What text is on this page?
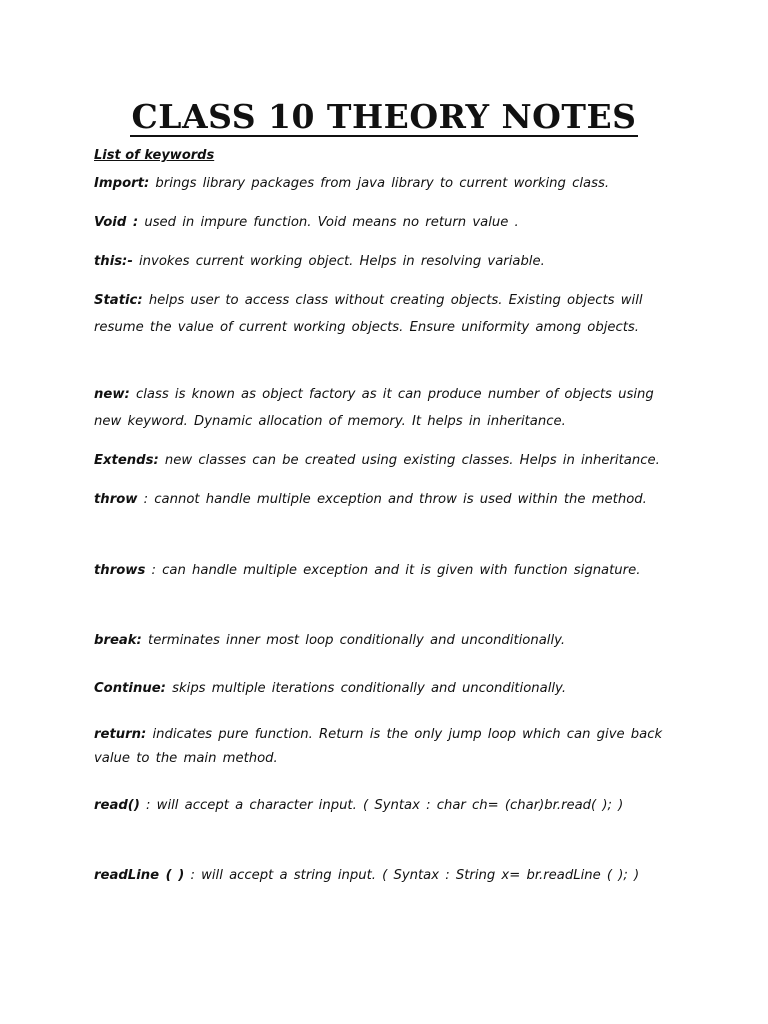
CLASS 10 THEORY NOTES
List of keywords
Import: brings library packages from java library to current working class.
Void : used in impure function. Void means no return value .
this:- invokes current working object. Helps in resolving variable.
Static: helps user to access class without creating objects. Existing objects will resume the value of current working objects. Ensure uniformity among objects.
new: class is known as object factory as it can produce number of objects using new keyword. Dynamic allocation of memory. It helps in inheritance.
Extends: new classes can be created using existing classes. Helps in inheritance.
throw : cannot handle multiple exception and throw is used within the method.
throws : can handle multiple exception and it is given with function signature.
break: terminates inner most loop conditionally and unconditionally.
Continue: skips multiple iterations conditionally and unconditionally.
return: indicates pure function. Return is the only jump loop which can give back value to the main method.
read() : will accept a character input. ( Syntax : char ch= (char)br.read( ); )
readLine ( ) : will accept a string input. ( Syntax : String x= br.readLine ( ); )
